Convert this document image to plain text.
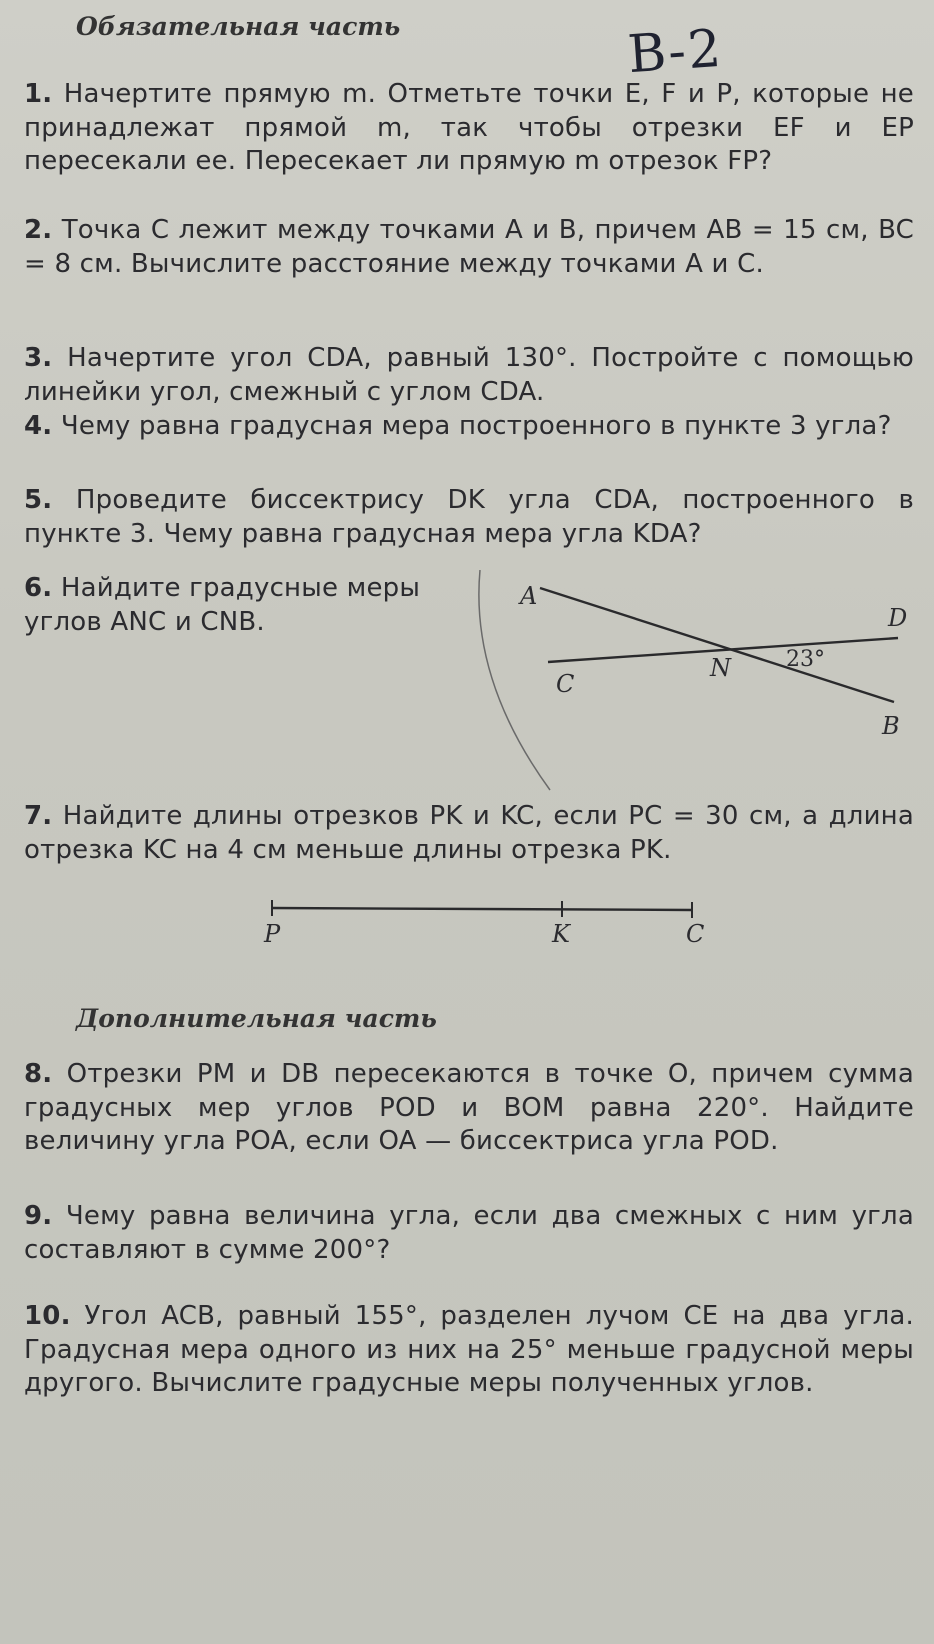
В-2
Обязательная часть

1. Начертите прямую m. Отметьте точки E, F и P, которые не принадлежат прямой m, так чтобы отрезки EF и EP пересекали ее. Пересекает ли прямую m отрезок FP?

2. Точка C лежит между точками A и B, причем AB = 15 см, BC = 8 см. Вычислите расстояние между точками A и C.

3. Начертите угол CDA, равный 130°. Постройте с помощью линейки угол, смежный с углом CDA.

4. Чему равна градусная мера построенного в пункте 3 угла?

5. Проведите биссектрису DK угла CDA, построенного в пункте 3. Чему равна градусная мера угла KDA?

6. Найдите градусные меры углов ANC и CNB.

A
D
C
N
B
23°

7. Найдите длины отрезков PK и KC, если PC = 30 см, а длина отрезка KC на 4 см меньше длины отрезка PK.

P	K	C
Дополнительная часть

8. Отрезки PM и DB пересекаются в точке O, причем сумма градусных мер углов POD и BOM равна 220°. Найдите величину угла POA, если OA — биссектриса угла POD.

9. Чему равна величина угла, если два смежных с ним угла составляют в сумме 200°?

10. Угол ACB, равный 155°, разделен лучом CE на два угла. Градусная мера одного из них на 25° меньше градусной меры другого. Вычислите градусные меры полученных углов.
